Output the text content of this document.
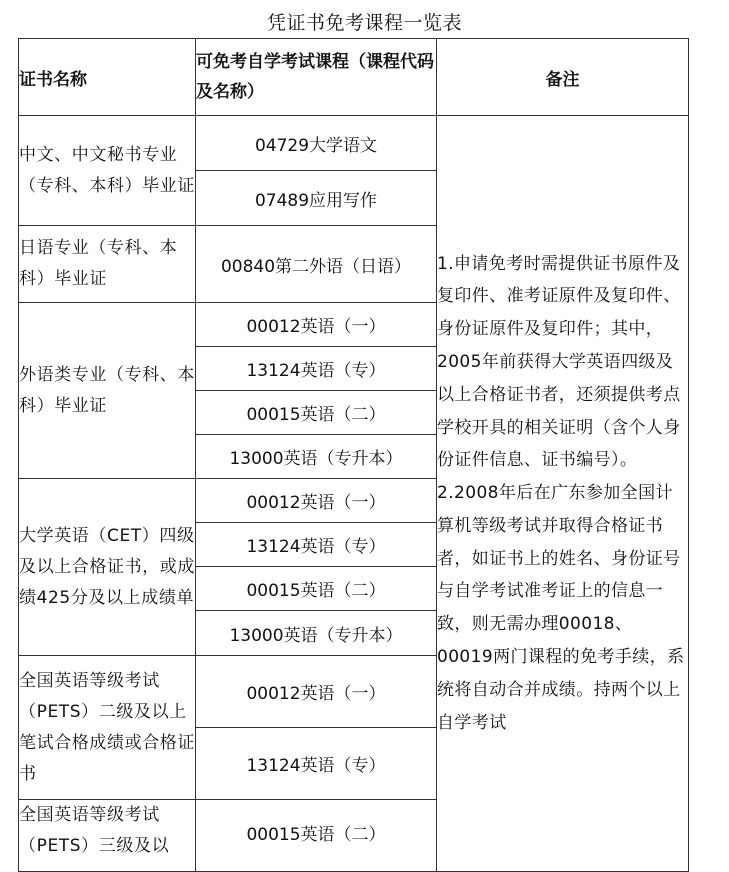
凭证书免考课程一览表
证书名称	可免考自学考试课程（课程代码及名称）	备注
中文、中文秘书专业（专科、本科）毕业证	04729大学语文	1.申请免考时需提供证书原件及复印件、准考证原件及复印件、身份证原件及复印件；其中，2005年前获得大学英语四级及以上合格证书者，还须提供考点学校开具的相关证明（含个人身份证件信息、证书编号）。
2.2008年后在广东参加全国计算机等级考试并取得合格证书者，如证书上的姓名、身份证号与自学考试准考证上的信息一致，则无需办理00018、00019两门课程的免考手续，系统将自动合并成绩。持两个以上自学考试

	07489应用写作	
日语专业（专科、本科）毕业证	00840第二外语（日语）	
外语类专业（专科、本科）毕业证	00012英语（一）	
	13124英语（专）	
	00015英语（二）	
	13000英语（专升本）	
大学英语（CET）四级及以上合格证书，或成绩425分及以上成绩单	00012英语（一）	
	13124英语（专）	
	00015英语（二）	
	13000英语（专升本）	
全国英语等级考试（PETS）二级及以上笔试合格成绩或合格证书	00012英语（一）	
	13124英语（专）	
全国英语等级考试（PETS）三级及以	00015英语（二）	
